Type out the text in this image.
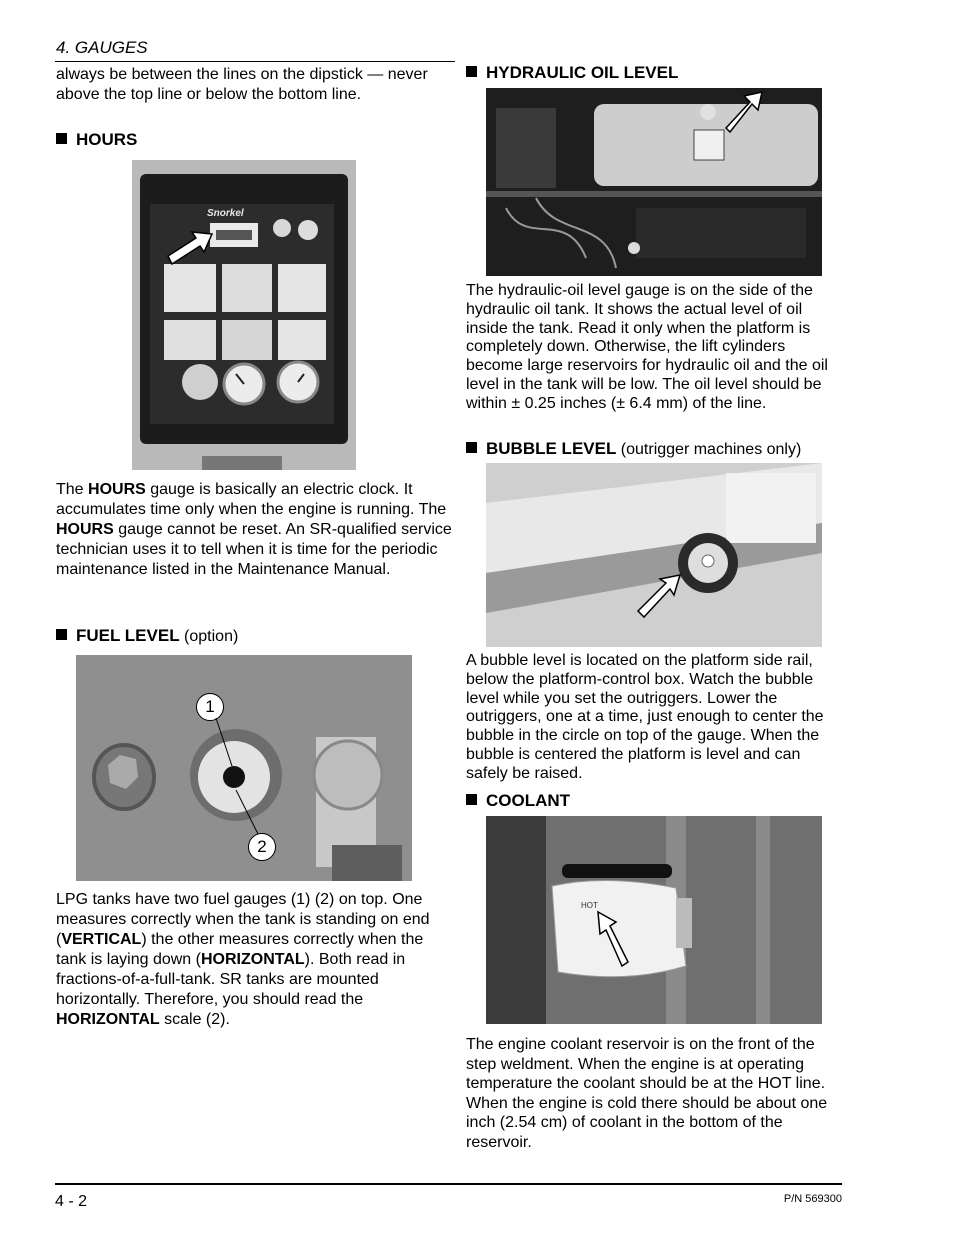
4. GAUGES
always be between the lines on the dipstick — never above the top line or below the bottom line.
HOURS
Snorkel
The HOURS gauge is basically an electric clock. It accumulates time only when the engine is running. The HOURS gauge cannot be reset. An SR-qualified service technician uses it to tell when it is time for the periodic maintenance listed in the Maintenance Manual.
FUEL LEVEL (option)
1
2
LPG tanks have two fuel gauges (1) (2) on top. One measures correctly when the tank is standing on end (VERTICAL) the other measures correctly when the tank is laying down (HORIZONTAL). Both read in fractions-of-a-full-tank. SR tanks are mounted horizontally. Therefore, you should read the HORIZONTAL scale (2).
HYDRAULIC OIL LEVEL
The hydraulic-oil level gauge is on the side of the hydraulic oil tank. It shows the actual level of oil inside the tank. Read it only when the platform is completely down. Otherwise, the lift cylinders become large reservoirs for hydraulic oil and the oil level in the tank will be low. The oil level should be within ± 0.25 inches (± 6.4 mm) of the line.
BUBBLE LEVEL (outrigger machines only)
A bubble level is located on the platform side rail, below the platform-control box. Watch the bubble level while you set the outriggers. Lower the outriggers, one at a time, just enough to center the bubble in the circle on top of the gauge. When the bubble is centered the platform is level and can safely be raised.
COOLANT
HOT
The engine coolant reservoir is on the front of the step weldment. When the engine is at operating temperature the coolant should be at the HOT line. When the engine is cold there should be about one inch (2.54 cm) of coolant in the bottom of the reservoir.
4 - 2	P/N 569300
